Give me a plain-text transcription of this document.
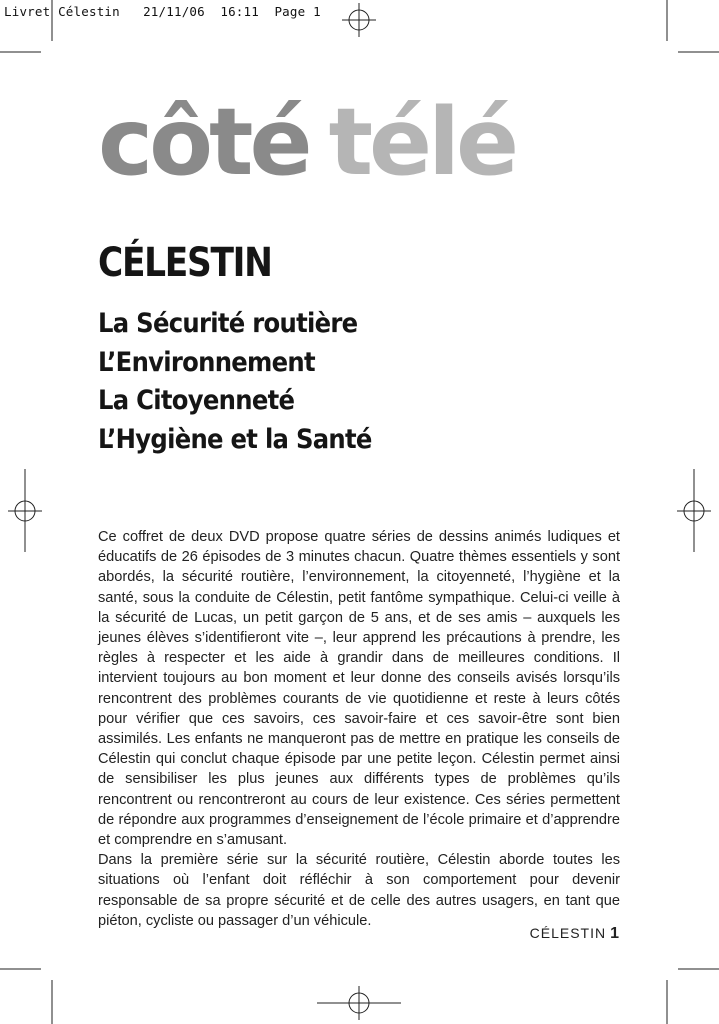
Livret Célestin 21/11/06 16:11 Page 1
côté télé
CÉLESTIN
La Sécurité routière
L’Environnement
La Citoyenneté
L’Hygiène et la Santé

Ce coffret de deux DVD propose quatre séries de dessins animés ludiques et éducatifs de 26 épisodes de 3 minutes chacun. Quatre thèmes essentiels y sont abordés, la sécurité routière, l’environnement, la citoyenneté, l’hygiène et la santé, sous la conduite de Célestin, petit fantôme sympathique. Celui-ci veille à la sécurité de Lucas, un petit garçon de 5 ans, et de ses amis – auxquels les jeunes élèves s’identifieront vite –, leur apprend les précautions à prendre, les règles à respecter et les aide à grandir dans de meilleures conditions. Il intervient toujours au bon moment et leur donne des conseils avisés lorsqu’ils rencontrent des problèmes courants de vie quotidienne et reste à leurs côtés pour vérifier que ces savoirs, ces savoir-faire et ces savoir-être sont bien assimilés. Les enfants ne manqueront pas de mettre en pratique les conseils de Célestin qui conclut chaque épisode par une petite leçon. Célestin permet ainsi de sensibiliser les plus jeunes aux différents types de problèmes qu’ils rencontrent ou rencontreront au cours de leur existence. Ces séries permettent de répondre aux programmes d’enseignement de l’école primaire et d’apprendre et comprendre en s’amusant.

Dans la première série sur la sécurité routière, Célestin aborde toutes les situations où l’enfant doit réfléchir à son comportement pour devenir responsable de sa propre sécurité et de celle des autres usagers, en tant que piéton, cycliste ou passager d’un véhicule.

CÉLESTIN 1
